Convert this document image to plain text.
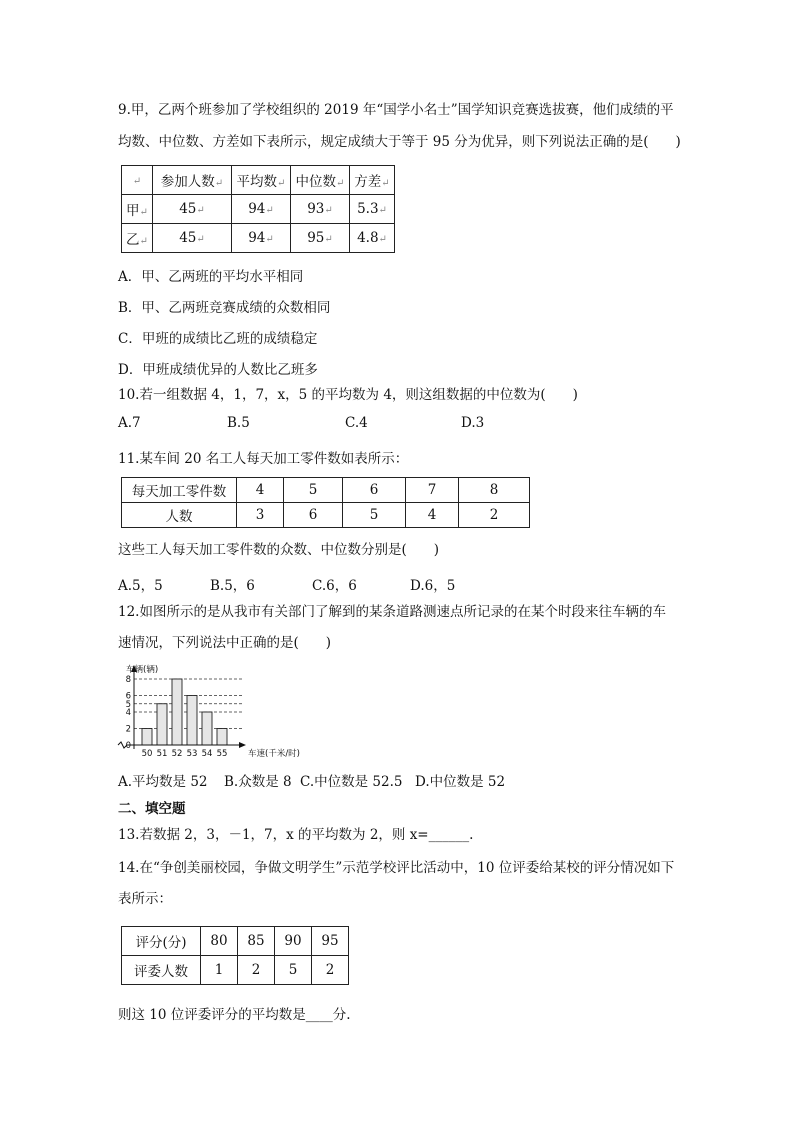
9.甲，乙两个班参加了学校组织的 2019 年“国学小名士”国学知识竞赛选拔赛，他们成绩的平
均数、中位数、方差如下表所示，规定成绩大于等于 95 分为优异，则下列说法正确的是(　　)
↵	参加人数↵	平均数↵	中位数↵	方差↵
甲↵	45↵	94↵	93↵	5.3↵
乙↵	45↵	94↵	95↵	4.8↵
A．甲、乙两班的平均水平相同
B．甲、乙两班竞赛成绩的众数相同
C．甲班的成绩比乙班的成绩稳定
D．甲班成绩优异的人数比乙班多
10.若一组数据 4，1，7，x，5 的平均数为 4，则这组数据的中位数为(　　)
A.7	B.5	C.4	D.3
11.某车间 20 名工人每天加工零件数如表所示：
每天加工零件数	4	5	6	7	8
人数	3	6	5	4	2
这些工人每天加工零件数的众数、中位数分别是(　　)
A.5，5	B.5，6	C.6，6	D.6，5
12.如图所示的是从我市有关部门了解到的某条道路测速点所记录的在某个时段来往车辆的车
速情况，下列说法中正确的是(　　)
0
2
4
5
6
8
50 51 52 53 54 55
车辆(辆)
车速(千米/时)
A.平均数是 52 B.众数是 8 C.中位数是 52.5 D.中位数是 52
二、填空题
13.若数据 2，3，－1，7，x 的平均数为 2，则 x=______.
14.在“争创美丽校园，争做文明学生”示范学校评比活动中，10 位评委给某校的评分情况如下
表所示：
评分(分)	80	85	90	95
评委人数	1	2	5	2
则这 10 位评委评分的平均数是____分.
